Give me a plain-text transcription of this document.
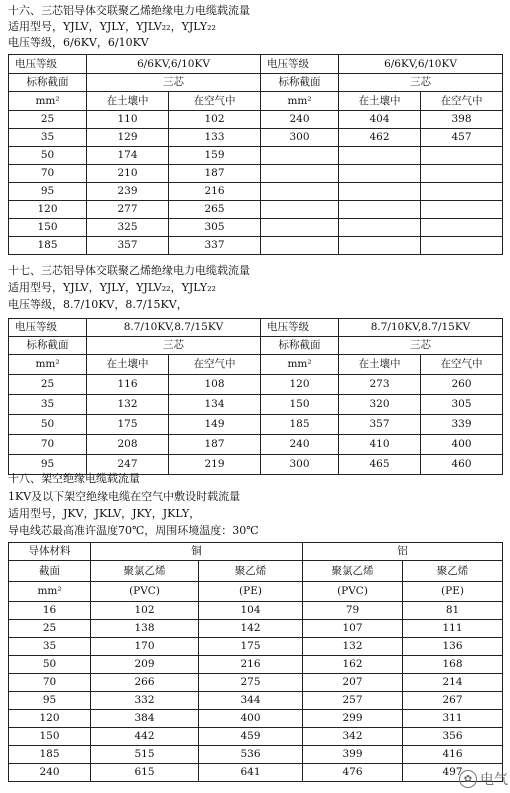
十六、三芯铝导体交联聚乙烯绝缘电力电缆载流量
适用型号，YJLV，YJLY，YJLV₂₂，YJLY₂₂
电压等级，6/6KV，6/10KV
电压等级	6/6KV,6/10KV		电压等级	6/6KV,6/10KV	
标称截面	三芯		标称截面	三芯	
mm²	在土壤中	在空气中	mm²	在土壤中	在空气中
25	110	102	240	404	398
35	129	133	300	462	457
50	174	159			
70	210	187			
95	239	216			
120	277	265			
150	325	305			
185	357	337			
十七、三芯铝导体交联聚乙烯绝缘电力电缆载流量
适用型号，YJLV，YJLY，YJLV₂₂，YJLY₂₂
电压等级，8.7/10KV，8.7/15KV，
电压等级	8.7/10KV,8.7/15KV		电压等级	8.7/10KV,8.7/15KV	
标称截面	三芯		标称截面	三芯	
mm²	在土壤中	在空气中	mm²	在土壤中	在空气中
25	116	108	120	273	260
35	132	134	150	320	305
50	175	149	185	357	339
70	208	187	240	410	400
95	247	219	300	465	460
十八、架空绝缘电缆载流量
1KV及以下架空绝缘电缆在空气中敷设时载流量
适用型号，JKV，JKLV，JKY，JKLY，
导电线芯最高准许温度70℃，周围环境温度：30℃
导体材料	铜		铝	
截面	聚氯乙烯	聚乙烯	聚氯乙烯	聚乙烯
mm²	(PVC)	(PE)	(PVC)	(PE)
16	102	104	79	81
25	138	142	107	111
35	170	175	132	136
50	209	216	162	168
70	266	275	207	214
95	332	344	257	267
120	384	400	299	311
150	442	459	342	356
185	515	536	399	416
240	615	641	476	497
✿ 电气
